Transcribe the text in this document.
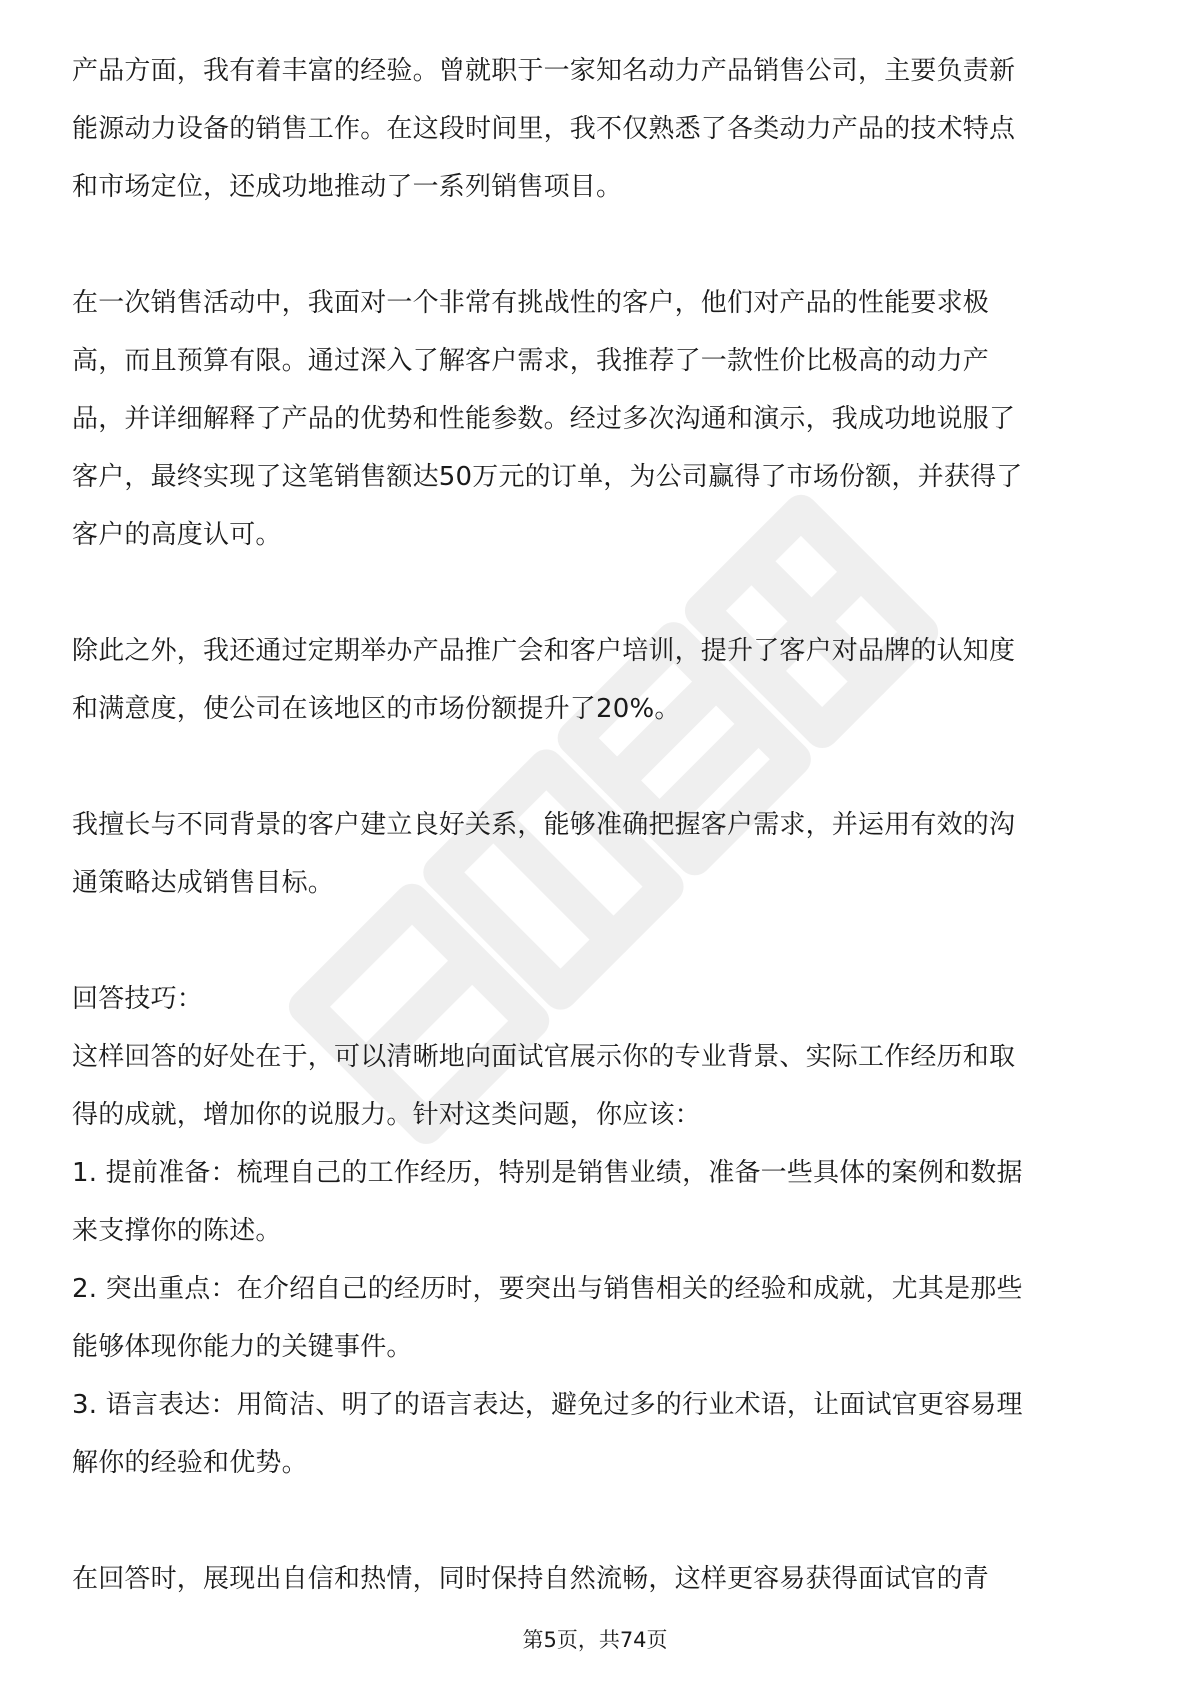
产品方面，我有着丰富的经验。曾就职于一家知名动力产品销售公司，主要负责新
能源动力设备的销售工作。在这段时间里，我不仅熟悉了各类动力产品的技术特点
和市场定位，还成功地推动了一系列销售项目。
在一次销售活动中，我面对一个非常有挑战性的客户，他们对产品的性能要求极
高，而且预算有限。通过深入了解客户需求，我推荐了一款性价比极高的动力产
品，并详细解释了产品的优势和性能参数。经过多次沟通和演示，我成功地说服了
客户，最终实现了这笔销售额达50万元的订单，为公司赢得了市场份额，并获得了
客户的高度认可。
除此之外，我还通过定期举办产品推广会和客户培训，提升了客户对品牌的认知度
和满意度，使公司在该地区的市场份额提升了20%。
我擅长与不同背景的客户建立良好关系，能够准确把握客户需求，并运用有效的沟
通策略达成销售目标。
回答技巧：
这样回答的好处在于，可以清晰地向面试官展示你的专业背景、实际工作经历和取
得的成就，增加你的说服力。针对这类问题，你应该：
1. 提前准备：梳理自己的工作经历，特别是销售业绩，准备一些具体的案例和数据
来支撑你的陈述。
2. 突出重点：在介绍自己的经历时，要突出与销售相关的经验和成就，尤其是那些
能够体现你能力的关键事件。
3. 语言表达：用简洁、明了的语言表达，避免过多的行业术语，让面试官更容易理
解你的经验和优势。
在回答时，展现出自信和热情，同时保持自然流畅，这样更容易获得面试官的青
第5页，共74页
